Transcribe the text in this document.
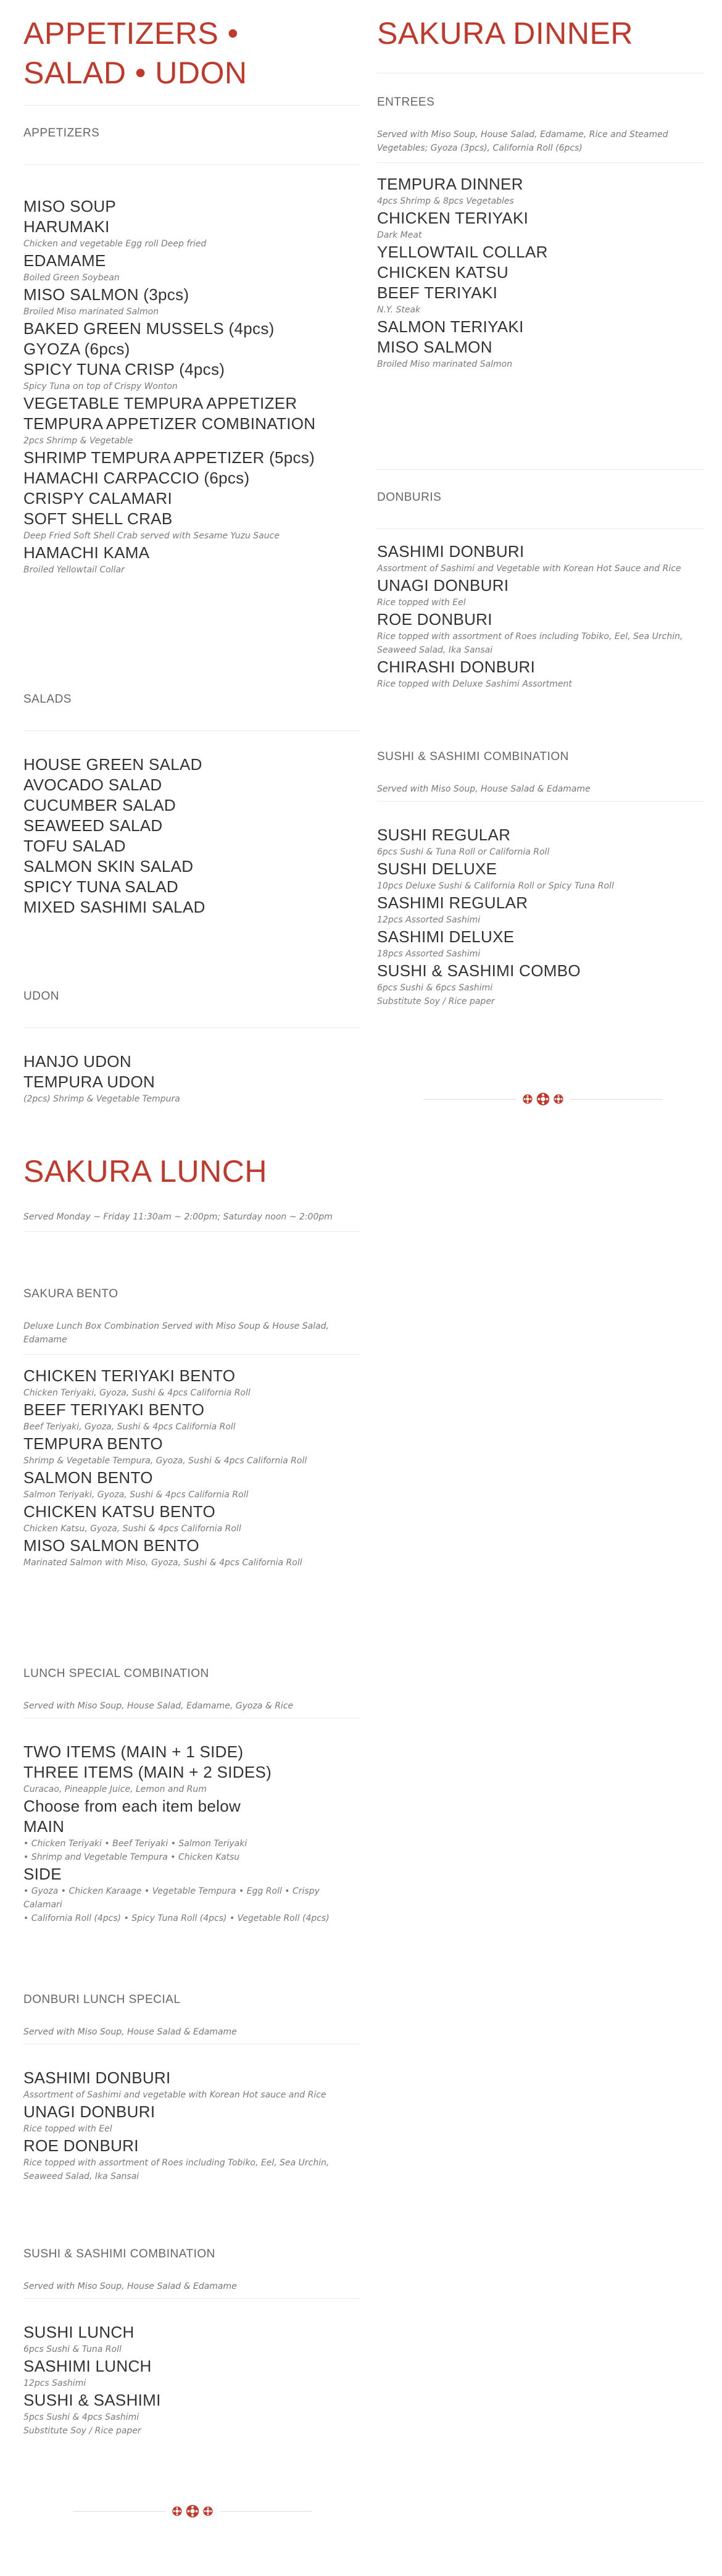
APPETIZERS • SALAD • UDON
APPETIZERS
MISO SOUP
HARUMAKI
Chicken and vegetable Egg roll Deep fried
EDAMAME
Boiled Green Soybean
MISO SALMON (3pcs)
Broiled Miso marinated Salmon
BAKED GREEN MUSSELS (4pcs)
GYOZA (6pcs)
SPICY TUNA CRISP (4pcs)
Spicy Tuna on top of Crispy Wonton
VEGETABLE TEMPURA APPETIZER
TEMPURA APPETIZER COMBINATION
2pcs Shrimp & Vegetable
SHRIMP TEMPURA APPETIZER (5pcs)
HAMACHI CARPACCIO (6pcs)
CRISPY CALAMARI
SOFT SHELL CRAB
Deep Fried Soft Shell Crab served with Sesame Yuzu Sauce
HAMACHI KAMA
Broiled Yellowtail Collar
SALADS
HOUSE GREEN SALAD
AVOCADO SALAD
CUCUMBER SALAD
SEAWEED SALAD
TOFU SALAD
SALMON SKIN SALAD
SPICY TUNA SALAD
MIXED SASHIMI SALAD
UDON
HANJO UDON
TEMPURA UDON
(2pcs) Shrimp & Vegetable Tempura
SAKURA LUNCH
Served Monday ~ Friday 11:30am ~ 2:00pm; Saturday noon ~ 2:00pm
SAKURA BENTO
Deluxe Lunch Box Combination Served with Miso Soup & House Salad, Edamame
CHICKEN TERIYAKI BENTO
Chicken Teriyaki, Gyoza, Sushi & 4pcs California Roll
BEEF TERIYAKI BENTO
Beef Teriyaki, Gyoza, Sushi & 4pcs California Roll
TEMPURA BENTO
Shrimp & Vegetable Tempura, Gyoza, Sushi & 4pcs California Roll
SALMON BENTO
Salmon Teriyaki, Gyoza, Sushi & 4pcs California Roll
CHICKEN KATSU BENTO
Chicken Katsu, Gyoza, Sushi & 4pcs California Roll
MISO SALMON BENTO
Marinated Salmon with Miso, Gyoza, Sushi & 4pcs California Roll
LUNCH SPECIAL COMBINATION
Served with Miso Soup, House Salad, Edamame, Gyoza & Rice
TWO ITEMS (MAIN + 1 SIDE)
THREE ITEMS (MAIN + 2 SIDES)
Curacao, Pineapple Juice, Lemon and Rum
Choose from each item below
MAIN
• Chicken Teriyaki • Beef Teriyaki • Salmon Teriyaki
• Shrimp and Vegetable Tempura • Chicken Katsu
SIDE
• Gyoza • Chicken Karaage • Vegetable Tempura • Egg Roll • Crispy Calamari
• California Roll (4pcs) • Spicy Tuna Roll (4pcs) • Vegetable Roll (4pcs)
DONBURI LUNCH SPECIAL
Served with Miso Soup, House Salad & Edamame
SASHIMI DONBURI
Assortment of Sashimi and vegetable with Korean Hot sauce and Rice
UNAGI DONBURI
Rice topped with Eel
ROE DONBURI
Rice topped with assortment of Roes including Tobiko, Eel, Sea Urchin, Seaweed Salad, Ika Sansai
SUSHI & SASHIMI COMBINATION
Served with Miso Soup, House Salad & Edamame
SUSHI LUNCH
6pcs Sushi & Tuna Roll
SASHIMI LUNCH
12pcs Sashimi
SUSHI & SASHIMI
5pcs Sushi & 4pcs Sashimi
Substitute Soy / Rice paper
SAKURA DINNER
ENTREES
Served with Miso Soup, House Salad, Edamame, Rice and Steamed Vegetables; Gyoza (3pcs), California Roll (6pcs)
TEMPURA DINNER
4pcs Shrimp & 8pcs Vegetables
CHICKEN TERIYAKI
Dark Meat
YELLOWTAIL COLLAR
CHICKEN KATSU
BEEF TERIYAKI
N.Y. Steak
SALMON TERIYAKI
MISO SALMON
Broiled Miso marinated Salmon
DONBURIS
SASHIMI DONBURI
Assortment of Sashimi and Vegetable with Korean Hot Sauce and Rice
UNAGI DONBURI
Rice topped with Eel
ROE DONBURI
Rice topped with assortment of Roes including Tobiko, Eel, Sea Urchin, Seaweed Salad, Ika Sansai
CHIRASHI DONBURI
Rice topped with Deluxe Sashimi Assortment
SUSHI & SASHIMI COMBINATION
Served with Miso Soup, House Salad & Edamame
SUSHI REGULAR
6pcs Sushi & Tuna Roll or California Roll
SUSHI DELUXE
10pcs Deluxe Sushi & California Roll or Spicy Tuna Roll
SASHIMI REGULAR
12pcs Assorted Sashimi
SASHIMI DELUXE
18pcs Assorted Sashimi
SUSHI & SASHIMI COMBO
6pcs Sushi & 6pcs Sashimi
Substitute Soy / Rice paper
